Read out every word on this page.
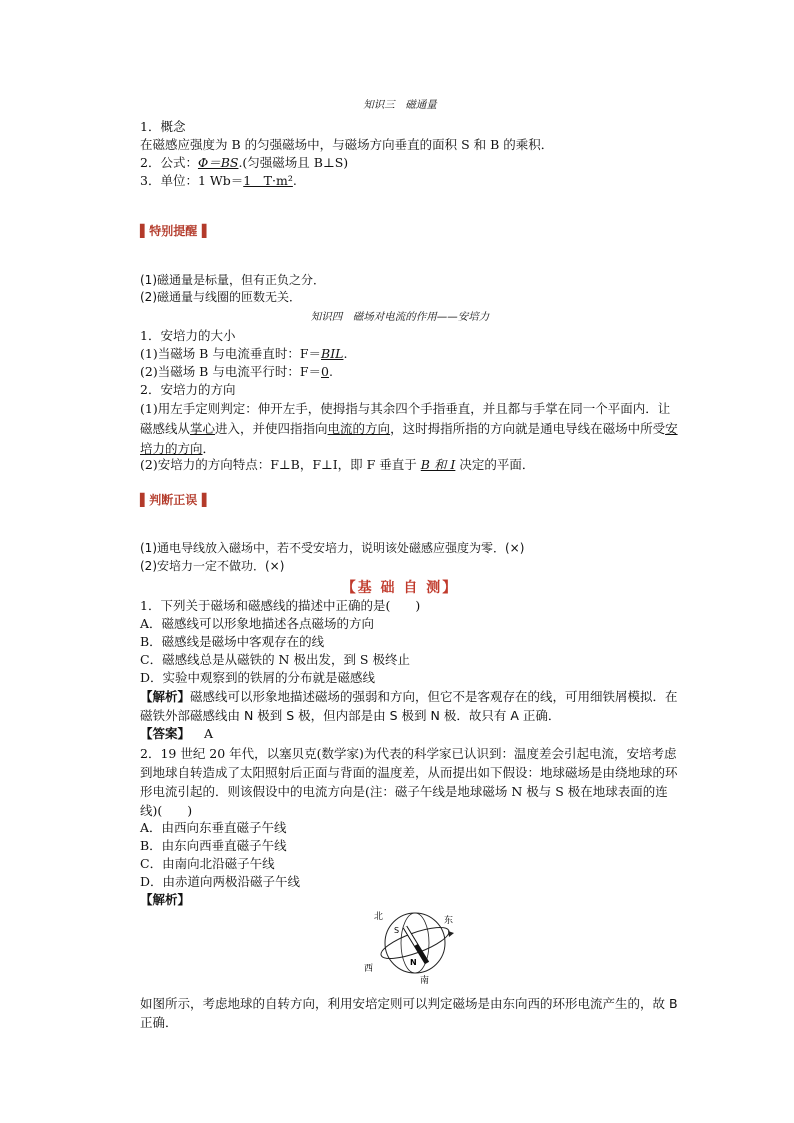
知识三　磁通量
1．概念
在磁感应强度为 B 的匀强磁场中，与磁场方向垂直的面积 S 和 B 的乘积．
2．公式：Φ＝BS.(匀强磁场且 B⊥S)
3．单位：1 Wb＝1　T·m².
▌特别提醒▐
(1)磁通量是标量，但有正负之分．
(2)磁通量与线圈的匝数无关．
知识四　磁场对电流的作用——安培力
1．安培力的大小
(1)当磁场 B 与电流垂直时：F＝BIL.
(2)当磁场 B 与电流平行时：F＝0.
2．安培力的方向
(1)用左手定则判定：伸开左手，使拇指与其余四个手指垂直，并且都与手掌在同一个平面内．让磁感线从掌心进入，并使四指指向电流的方向，这时拇指所指的方向就是通电导线在磁场中所受安培力的方向．
(2)安培力的方向特点：F⊥B，F⊥I，即 F 垂直于 B 和 I 决定的平面．
▌判断正误▐
(1)通电导线放入磁场中，若不受安培力，说明该处磁感应强度为零．(×)
(2)安培力一定不做功．(×)
【基 础 自 测】
1．下列关于磁场和磁感线的描述中正确的是(　　)
A．磁感线可以形象地描述各点磁场的方向
B．磁感线是磁场中客观存在的线
C．磁感线总是从磁铁的 N 极出发，到 S 极终止
D．实验中观察到的铁屑的分布就是磁感线
【解析】磁感线可以形象地描述磁场的强弱和方向，但它不是客观存在的线，可用细铁屑模拟．在磁铁外部磁感线由 N 极到 S 极，但内部是由 S 极到 N 极．故只有 A 正确．
【答案】 A
2．19 世纪 20 年代，以塞贝克(数学家)为代表的科学家已认识到：温度差会引起电流，安培考虑到地球自转造成了太阳照射后正面与背面的温度差，从而提出如下假设：地球磁场是由绕地球的环形电流引起的．则该假设中的电流方向是(注：磁子午线是地球磁场 N 极与 S 极在地球表面的连线)(　　)
A．由西向东垂直磁子午线
B．由东向西垂直磁子午线
C．由南向北沿磁子午线
D．由赤道向两极沿磁子午线
【解析】
北	东
西
南
S
N
如图所示，考虑地球的自转方向，利用安培定则可以判定磁场是由东向西的环形电流产生的，故 B 正确．
